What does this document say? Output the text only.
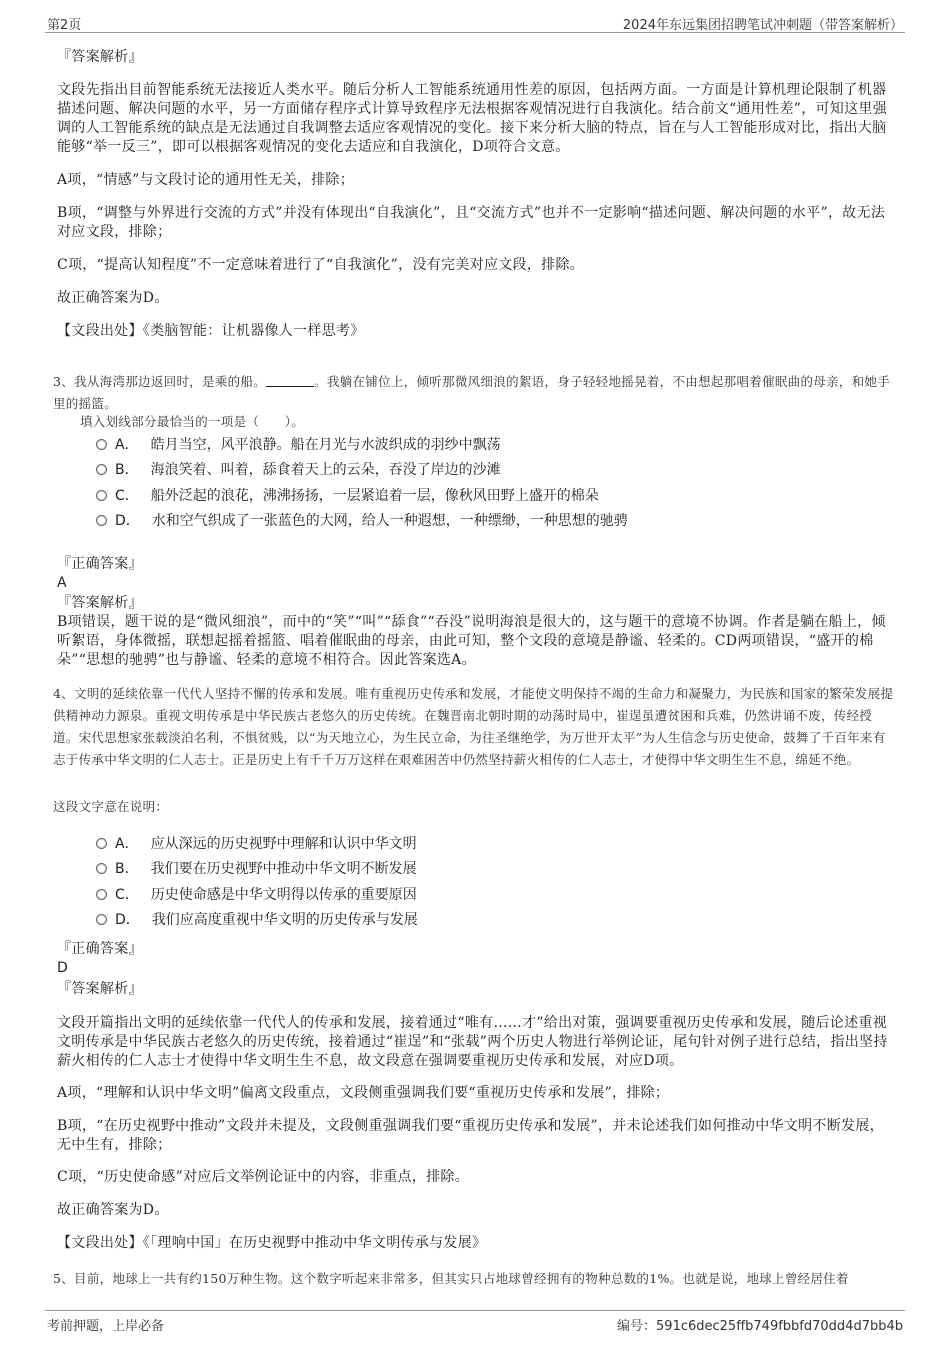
第2页	2024年东远集团招聘笔试冲刺题（带答案解析）
『答案解析』
文段先指出目前智能系统无法接近人类水平。随后分析人工智能系统通用性差的原因，包括两方面。一方面是计算机理论限制了机器描述问题、解决问题的水平，另一方面储存程序式计算导致程序无法根据客观情况进行自我演化。结合前文“通用性差”，可知这里强调的人工智能系统的缺点是无法通过自我调整去适应客观情况的变化。接下来分析大脑的特点，旨在与人工智能形成对比，指出大脑能够“举一反三”，即可以根据客观情况的变化去适应和自我演化，D项符合文意。
A项，“情感”与文段讨论的通用性无关，排除；
B项，“调整与外界进行交流的方式”并没有体现出“自我演化”，且“交流方式”也并不一定影响“描述问题、解决问题的水平”，故无法对应文段，排除；
C项，“提高认知程度”不一定意味着进行了“自我演化”，没有完美对应文段，排除。
故正确答案为D。
【文段出处】《类脑智能：让机器像人一样思考》
3、我从海湾那边返回时，是乘的船。	。我躺在铺位上，倾听那微风细浪的絮语，身子轻轻地摇晃着，不由想起那唱着催眠曲的母亲，和她手里的摇篮。
填入划线部分最恰当的一项是（　　）。
A． 皓月当空，风平浪静。船在月光与水波织成的羽纱中飘荡
B． 海浪笑着、叫着，舔食着天上的云朵，吞没了岸边的沙滩
C． 船外泛起的浪花，沸沸扬扬，一层紧追着一层，像秋风田野上盛开的棉朵
D． 水和空气织成了一张蓝色的大网，给人一种遐想，一种缥缈，一种思想的驰骋
『正确答案』
A
『答案解析』
B项错误，题干说的是“微风细浪”，而中的“笑”“叫”“舔食”“吞没”说明海浪是很大的，这与题干的意境不协调。作者是躺在船上，倾听絮语，身体微摇，联想起摇着摇篮、唱着催眠曲的母亲，由此可知，整个文段的意境是静谧、轻柔的。CD两项错误，“盛开的棉朵”“思想的驰骋”也与静谧、轻柔的意境不相符合。因此答案选A。
4、文明的延续依靠一代代人坚持不懈的传承和发展。唯有重视历史传承和发展，才能使文明保持不竭的生命力和凝聚力，为民族和国家的繁荣发展提供精神动力源泉。重视文明传承是中华民族古老悠久的历史传统。在魏晋南北朝时期的动荡时局中，崔逞虽遭贫困和兵难，仍然讲诵不废，传经授道。宋代思想家张载淡泊名利，不惧贫贱，以“为天地立心，为生民立命，为往圣继绝学，为万世开太平”为人生信念与历史使命，鼓舞了千百年来有志于传承中华文明的仁人志士。正是历史上有千千万万这样在艰难困苦中仍然坚持薪火相传的仁人志士，才使得中华文明生生不息，绵延不绝。
这段文字意在说明：
A． 应从深远的历史视野中理解和认识中华文明
B． 我们要在历史视野中推动中华文明不断发展
C． 历史使命感是中华文明得以传承的重要原因
D． 我们应高度重视中华文明的历史传承与发展
『正确答案』
D
『答案解析』
文段开篇指出文明的延续依靠一代代人的传承和发展，接着通过“唯有……才”给出对策，强调要重视历史传承和发展，随后论述重视文明传承是中华民族古老悠久的历史传统，接着通过“崔逞”和“张载”两个历史人物进行举例论证，尾句针对例子进行总结，指出坚持薪火相传的仁人志士才使得中华文明生生不息，故文段意在强调要重视历史传承和发展，对应D项。
A项，“理解和认识中华文明”偏离文段重点，文段侧重强调我们要“重视历史传承和发展”，排除；
B项，“在历史视野中推动”文段并未提及，文段侧重强调我们要“重视历史传承和发展”，并未论述我们如何推动中华文明不断发展，无中生有，排除；
C项，“历史使命感”对应后文举例论证中的内容，非重点，排除。
故正确答案为D。
【文段出处】《「理响中国」在历史视野中推动中华文明传承与发展》
5、目前，地球上一共有约150万种生物。这个数字听起来非常多，但其实只占地球曾经拥有的物种总数的1%。也就是说，地球上曾经居住着
考前押题，上岸必备	编号：591c6dec25ffb749fbbfd70dd4d7bb4b
